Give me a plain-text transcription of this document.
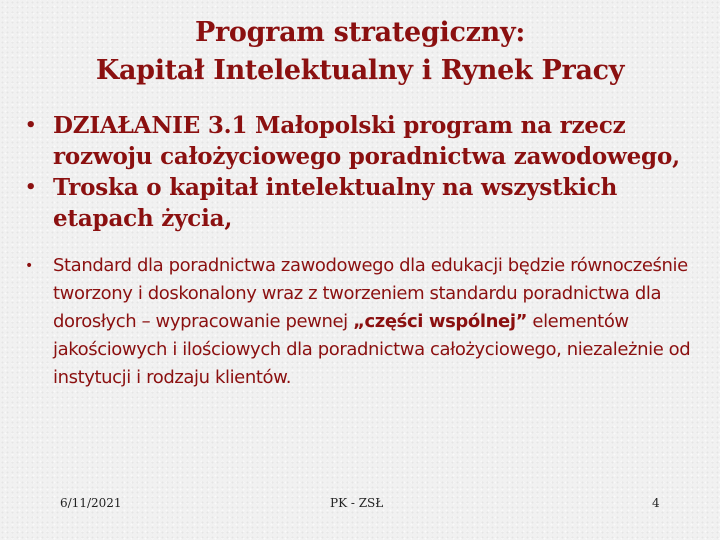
Program strategiczny:
Kapitał Intelektualny i Rynek Pracy
• DZIAŁANIE 3.1 Małopolski program na rzecz rozwoju całożyciowego poradnictwa zawodowego,
• Troska o kapitał intelektualny na wszystkich etapach życia,
• Standard dla poradnictwa zawodowego dla edukacji będzie równocześnie tworzony i doskonalony wraz z tworzeniem standardu poradnictwa dla dorosłych – wypracowanie pewnej „części wspólnej” elementów jakościowych i ilościowych dla poradnictwa całożyciowego, niezależnie od instytucji i rodzaju klientów.
6/11/2021	PK - ZSŁ	4
